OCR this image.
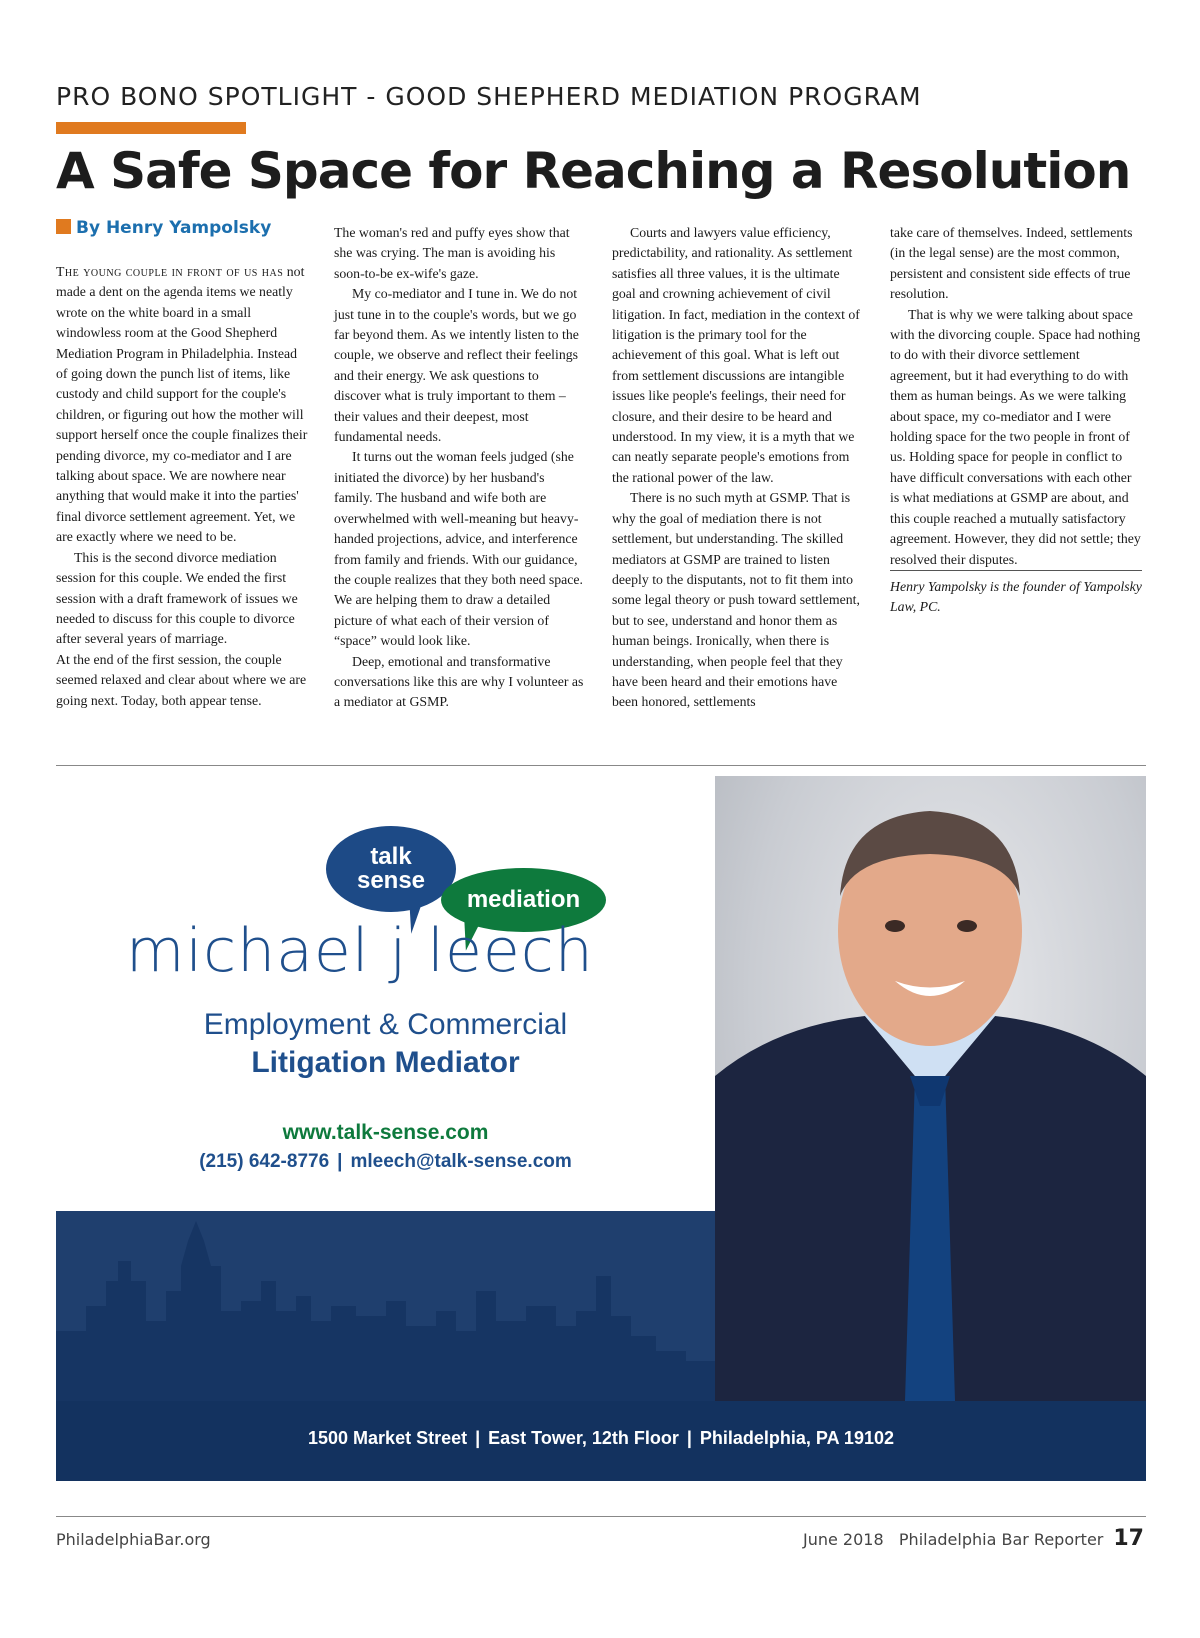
PRO BONO SPOTLIGHT - GOOD SHEPHERD MEDIATION PROGRAM
A Safe Space for Reaching a Resolution
By Henry Yampolsky

The young couple in front of us has not made a dent on the agenda items we neatly wrote on the white board in a small windowless room at the Good Shepherd Mediation Program in Philadelphia. Instead of going down the punch list of items, like custody and child support for the couple's children, or figuring out how the mother will support herself once the couple finalizes their pending divorce, my co-mediator and I are talking about space. We are nowhere near anything that would make it into the parties' final divorce settlement agreement. Yet, we are exactly where we need to be.

This is the second divorce mediation session for this couple. We ended the first session with a draft framework of issues we needed to discuss for this couple to divorce after several years of marriage.

At the end of the first session, the couple seemed relaxed and clear about where we are going next. Today, both appear tense.

The woman's red and puffy eyes show that she was crying. The man is avoiding his soon-to-be ex-wife's gaze.

My co-mediator and I tune in. We do not just tune in to the couple's words, but we go far beyond them. As we intently listen to the couple, we observe and reflect their feelings and their energy. We ask questions to discover what is truly important to them – their values and their deepest, most fundamental needs.

It turns out the woman feels judged (she initiated the divorce) by her husband's family. The husband and wife both are overwhelmed with well-meaning but heavy-handed projections, advice, and interference from family and friends. With our guidance, the couple realizes that they both need space. We are helping them to draw a detailed picture of what each of their version of “space” would look like.

Deep, emotional and transformative conversations like this are why I volunteer as a mediator at GSMP.

Courts and lawyers value efficiency, predictability, and rationality. As settlement satisfies all three values, it is the ultimate goal and crowning achievement of civil litigation. In fact, mediation in the context of litigation is the primary tool for the achievement of this goal. What is left out from settlement discussions are intangible issues like people's feelings, their need for closure, and their desire to be heard and understood. In my view, it is a myth that we can neatly separate people's emotions from the rational power of the law.

There is no such myth at GSMP. That is why the goal of mediation there is not settlement, but understanding. The skilled mediators at GSMP are trained to listen deeply to the disputants, not to fit them into some legal theory or push toward settlement, but to see, understand and honor them as human beings. Ironically, when there is understanding, when people feel that they have been heard and their emotions have been honored, settlements

take care of themselves. Indeed, settlements (in the legal sense) are the most common, persistent and consistent side effects of true resolution.

That is why we were talking about space with the divorcing couple. Space had nothing to do with their divorce settlement agreement, but it had everything to do with them as human beings. As we were talking about space, my co-mediator and I were holding space for the two people in front of us. Holding space for people in conflict to have difficult conversations with each other is what mediations at GSMP are about, and this couple reached a mutually satisfactory agreement. However, they did not settle; they resolved their disputes.

Henry Yampolsky is the founder of Yampolsky Law, PC.

talk
sense
mediation
michael j leech
Employment & Commercial
Litigation Mediator
www.talk-sense.com
(215) 642-8776 | mleech@talk-sense.com
1500 Market Street | East Tower, 12th Floor | Philadelphia, PA 19102
PhiladelphiaBar.org	June 2018 Philadelphia Bar Reporter 17
